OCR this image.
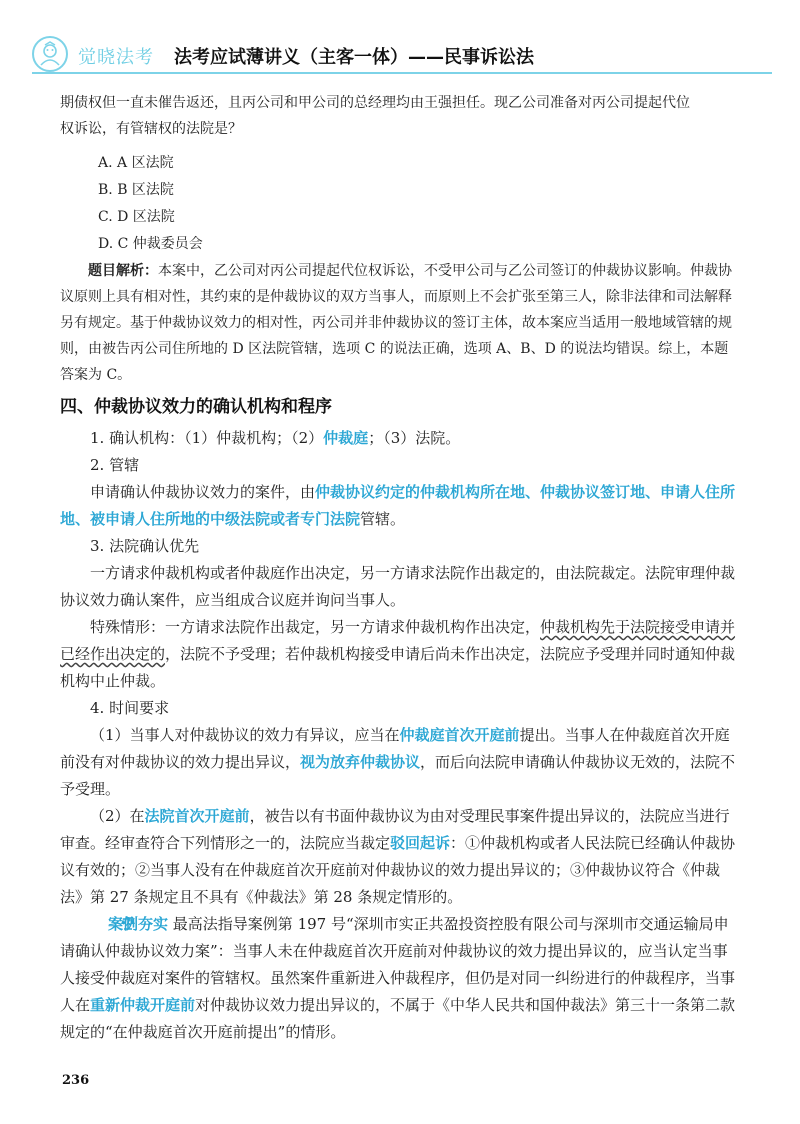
觉晓法考 法考应试薄讲义（主客一体）——民事诉讼法

期债权但一直未催告返还，且丙公司和甲公司的总经理均由王强担任。现乙公司准备对丙公司提起代位

权诉讼，有管辖权的法院是？

A. A 区法院

B. B 区法院

C. D 区法院

D. C 仲裁委员会

题目解析：本案中，乙公司对丙公司提起代位权诉讼，不受甲公司与乙公司签订的仲裁协议影响。仲裁协议原则上具有相对性，其约束的是仲裁协议的双方当事人，而原则上不会扩张至第三人，除非法律和司法解释另有规定。基于仲裁协议效力的相对性，丙公司并非仲裁协议的签订主体，故本案应当适用一般地域管辖的规则，由被告丙公司住所地的 D 区法院管辖，选项 C 的说法正确，选项 A、B、D 的说法均错误。综上，本题答案为 C。

四、仲裁协议效力的确认机构和程序

1. 确认机构：（1）仲裁机构；（2）仲裁庭；（3）法院。

2. 管辖

申请确认仲裁协议效力的案件，由仲裁协议约定的仲裁机构所在地、仲裁协议签订地、申请人住所地、被申请人住所地的中级法院或者专门法院管辖。

3. 法院确认优先

一方请求仲裁机构或者仲裁庭作出决定，另一方请求法院作出裁定的，由法院裁定。法院审理仲裁协议效力确认案件，应当组成合议庭并询问当事人。

特殊情形：一方请求法院作出裁定，另一方请求仲裁机构作出决定，仲裁机构先于法院接受申请并已经作出决定的，法院不予受理；若仲裁机构接受申请后尚未作出决定，法院应予受理并同时通知仲裁机构中止仲裁。

4. 时间要求

（1）当事人对仲裁协议的效力有异议，应当在仲裁庭首次开庭前提出。当事人在仲裁庭首次开庭前没有对仲裁协议的效力提出异议，视为放弃仲裁协议，而后向法院申请确认仲裁协议无效的，法院不予受理。

（2）在法院首次开庭前，被告以有书面仲裁协议为由对受理民事案件提出异议的，法院应当进行审查。经审查符合下列情形之一的，法院应当裁定驳回起诉：①仲裁机构或者人民法院已经确认仲裁协议有效的；②当事人没有在仲裁庭首次开庭前对仲裁协议的效力提出异议的；③仲裁协议符合《仲裁法》第 27 条规定且不具有《仲裁法》第 28 条规定情形的。

案例夯实 最高法指导案例第 197 号“深圳市实正共盈投资控股有限公司与深圳市交通运输局申请确认仲裁协议效力案”：当事人未在仲裁庭首次开庭前对仲裁协议的效力提出异议的，应当认定当事人接受仲裁庭对案件的管辖权。虽然案件重新进入仲裁程序，但仍是对同一纠纷进行的仲裁程序，当事人在重新仲裁开庭前对仲裁协议效力提出异议的，不属于《中华人民共和国仲裁法》第三十一条第二款规定的“在仲裁庭首次开庭前提出”的情形。

236
